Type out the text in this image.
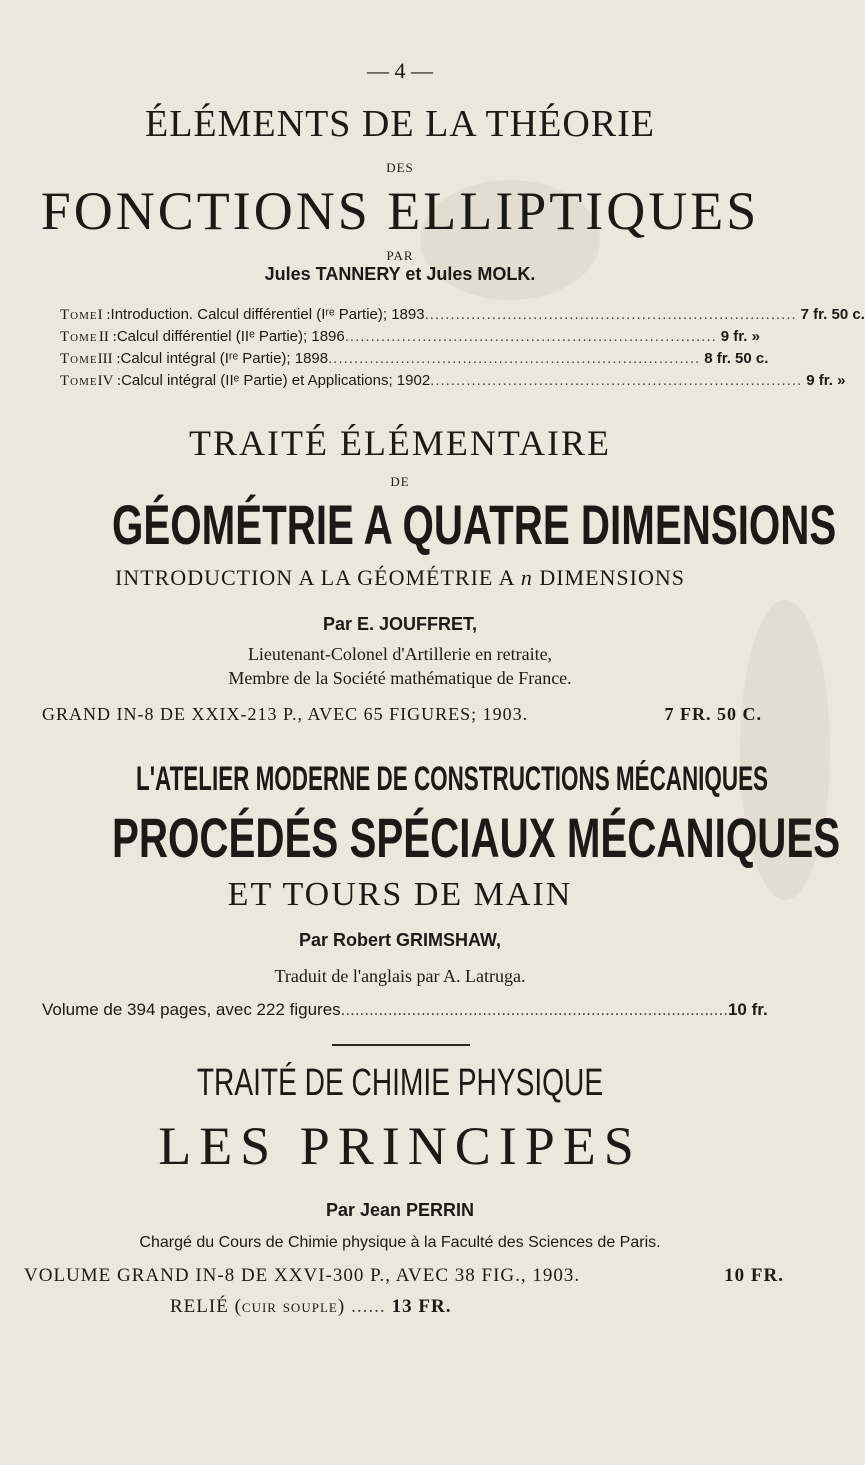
— 4 —
ÉLÉMENTS DE LA THÉORIE
DES
FONCTIONS ELLIPTIQUES
PAR
Jules TANNERY et Jules MOLK.
Tome I : Introduction. Calcul différentiel (Iʳᵉ Partie); 1893 ........................................................................ 7 fr. 50 c.
Tome II : Calcul différentiel (IIᵉ Partie); 1896 ........................................................................ 9 fr. »
Tome III : Calcul intégral (Iʳᵉ Partie); 1898 ........................................................................ 8 fr. 50 c.
Tome IV : Calcul intégral (IIᵉ Partie) et Applications; 1902 ........................................................................ 9 fr. »
TRAITÉ ÉLÉMENTAIRE
DE
GÉOMÉTRIE A QUATRE DIMENSIONS
INTRODUCTION A LA GÉOMÉTRIE A n DIMENSIONS
Par E. JOUFFRET,
Lieutenant-Colonel d'Artillerie en retraite,
Membre de la Société mathématique de France.
GRAND IN-8 DE XXIX-213 P., AVEC 65 FIGURES; 1903.	7 FR. 50 C.
L'ATELIER MODERNE DE CONSTRUCTIONS MÉCANIQUES
PROCÉDÉS SPÉCIAUX MÉCANIQUES
ET TOURS DE MAIN
Par Robert GRIMSHAW,
Traduit de l'anglais par A. Latruga.
Volume de 394 pages, avec 222 figures .................................................................................. 10 fr.
TRAITÉ DE CHIMIE PHYSIQUE
LES PRINCIPES
Par Jean PERRIN
Chargé du Cours de Chimie physique à la Faculté des Sciences de Paris.
VOLUME GRAND IN-8 DE XXVI-300 P., AVEC 38 FIG., 1903.	10 FR.
RELIÉ (cuir souple) ...... 13 FR.
